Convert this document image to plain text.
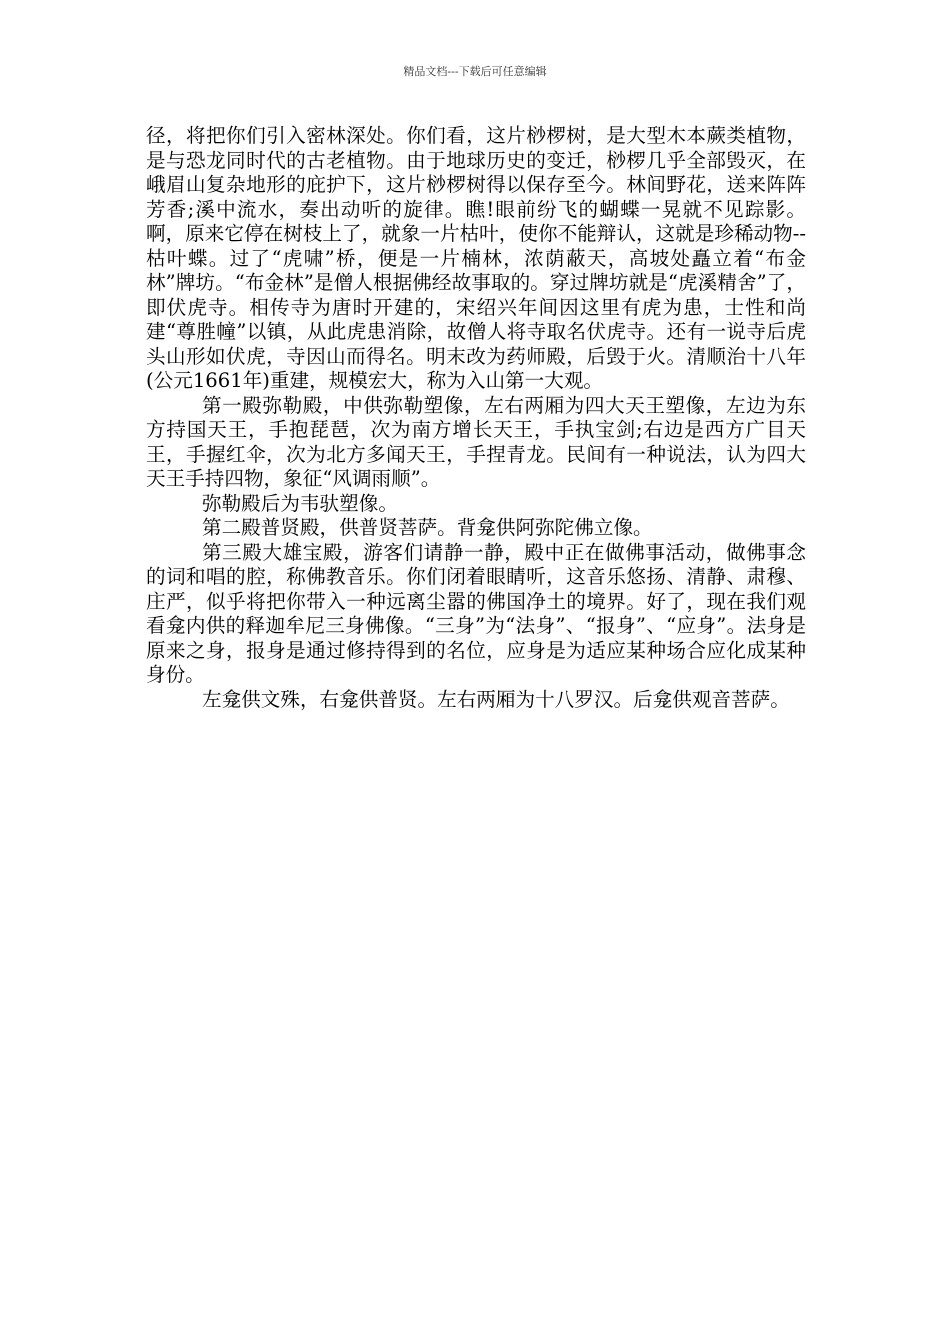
精品文档---下载后可任意编辑

径，将把你们引入密林深处。你们看，这片桫椤树，是大型木本蕨类植物，是与恐龙同时代的古老植物。由于地球历史的变迁，桫椤几乎全部毁灭，在峨眉山复杂地形的庇护下，这片桫椤树得以保存至今。林间野花，送来阵阵芳香;溪中流水，奏出动听的旋律。瞧!眼前纷飞的蝴蝶一晃就不见踪影。啊，原来它停在树枝上了，就象一片枯叶，使你不能辩认，这就是珍稀动物--枯叶蝶。过了“虎啸”桥，便是一片楠林，浓荫蔽天，高坡处矗立着“布金林”牌坊。“布金林”是僧人根据佛经故事取的。穿过牌坊就是“虎溪精舍”了，即伏虎寺。相传寺为唐时开建的，宋绍兴年间因这里有虎为患，士性和尚建“尊胜幢”以镇，从此虎患消除，故僧人将寺取名伏虎寺。还有一说寺后虎头山形如伏虎，寺因山而得名。明末改为药师殿，后毁于火。清顺治十八年(公元1661年)重建，规模宏大，称为入山第一大观。

第一殿弥勒殿，中供弥勒塑像，左右两厢为四大天王塑像，左边为东方持国天王，手抱琵琶，次为南方增长天王，手执宝剑;右边是西方广目天王，手握红伞，次为北方多闻天王，手捏青龙。民间有一种说法，认为四大天王手持四物，象征“风调雨顺”。

弥勒殿后为韦驮塑像。

第二殿普贤殿，供普贤菩萨。背龛供阿弥陀佛立像。

第三殿大雄宝殿，游客们请静一静，殿中正在做佛事活动，做佛事念的词和唱的腔，称佛教音乐。你们闭着眼睛听，这音乐悠扬、清静、肃穆、庄严，似乎将把你带入一种远离尘嚣的佛国净土的境界。好了，现在我们观看龛内供的释迦牟尼三身佛像。“三身”为“法身”、“报身”、“应身”。法身是原来之身，报身是通过修持得到的名位，应身是为适应某种场合应化成某种身份。

左龛供文殊，右龛供普贤。左右两厢为十八罗汉。后龛供观音菩萨。
